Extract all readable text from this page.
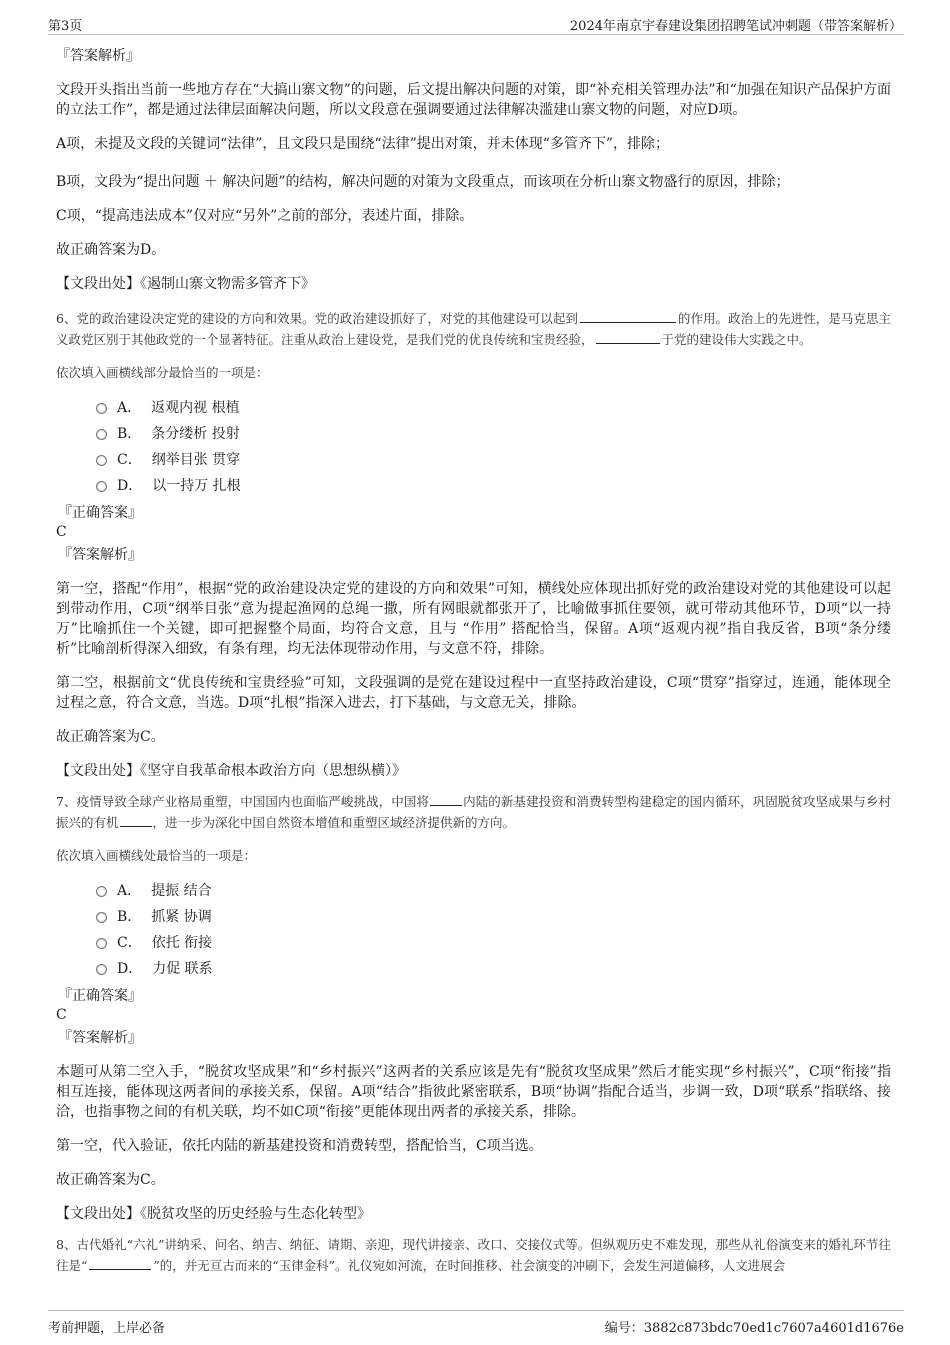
第3页	2024年南京宇春建设集团招聘笔试冲刺题（带答案解析）
『答案解析』

文段开头指出当前一些地方存在“大搞山寨文物”的问题，后文提出解决问题的对策，即“补充相关管理办法”和“加强在知识产品保护方面的立法工作”，都是通过法律层面解决问题，所以文段意在强调要通过法律解决滥建山寨文物的问题，对应D项。

A项，未提及文段的关键词“法律”，且文段只是围绕“法律”提出对策，并未体现“多管齐下”，排除；

B项，文段为“提出问题 ＋ 解决问题”的结构，解决问题的对策为文段重点，而该项在分析山寨文物盛行的原因，排除；

C项，“提高违法成本”仅对应“另外”之前的部分，表述片面，排除。

故正确答案为D。

【文段出处】《遏制山寨文物需多管齐下》

6、党的政治建设决定党的建设的方向和效果。党的政治建设抓好了，对党的其他建设可以起到	的作用。政治上的先进性，是马克思主义政党区别于其他政党的一个显著特征。注重从政治上建设党，是我们党的优良传统和宝贵经验，	于党的建设伟大实践之中。

依次填入画横线部分最恰当的一项是：

A． 返观内视 根植
B． 条分缕析 投射
C． 纲举目张 贯穿
D． 以一持万 扎根
『正确答案』

C

『答案解析』

第一空，搭配“作用”，根据“党的政治建设决定党的建设的方向和效果”可知，横线处应体现出抓好党的政治建设对党的其他建设可以起到带动作用，C项“纲举目张”意为提起渔网的总绳一撒，所有网眼就都张开了，比喻做事抓住要领，就可带动其他环节，D项“以一持万”比喻抓住一个关键，即可把握整个局面，均符合文意，且与 “作用” 搭配恰当，保留。A项“返观内视”指自我反省，B项“条分缕析”比喻剖析得深入细致，有条有理，均无法体现带动作用，与文意不符，排除。

第二空，根据前文“优良传统和宝贵经验”可知，文段强调的是党在建设过程中一直坚持政治建设，C项“贯穿”指穿过，连通，能体现全过程之意，符合文意，当选。D项“扎根”指深入进去，打下基础，与文意无关，排除。

故正确答案为C。

【文段出处】《坚守自我革命根本政治方向（思想纵横）》

7、疫情导致全球产业格局重塑，中国国内也面临严峻挑战，中国将	内陆的新基建投资和消费转型构建稳定的国内循环，巩固脱贫攻坚成果与乡村振兴的有机	，进一步为深化中国自然资本增值和重塑区域经济提供新的方向。

依次填入画横线处最恰当的一项是：

A． 提振 结合
B． 抓紧 协调
C． 依托 衔接
D． 力促 联系
『正确答案』

C

『答案解析』

本题可从第二空入手，“脱贫攻坚成果”和“乡村振兴”这两者的关系应该是先有“脱贫攻坚成果”然后才能实现“乡村振兴”，C项“衔接”指相互连接，能体现这两者间的承接关系，保留。A项“结合”指彼此紧密联系，B项“协调”指配合适当，步调一致，D项“联系”指联络、接洽，也指事物之间的有机关联，均不如C项“衔接”更能体现出两者的承接关系，排除。

第一空，代入验证，依托内陆的新基建投资和消费转型，搭配恰当，C项当选。

故正确答案为C。

【文段出处】《脱贫攻坚的历史经验与生态化转型》

8、古代婚礼“六礼”讲纳采、问名、纳吉、纳征、请期、亲迎，现代讲接亲、改口、交接仪式等。但纵观历史不难发现，那些从礼俗演变来的婚礼环节往往是“	”的，并无亘古而来的“玉律金科”。礼仪宛如河流，在时间推移、社会演变的冲刷下，会发生河道偏移，人文进展会

考前押题，上岸必备	编号：3882c873bdc70ed1c7607a4601d1676e
